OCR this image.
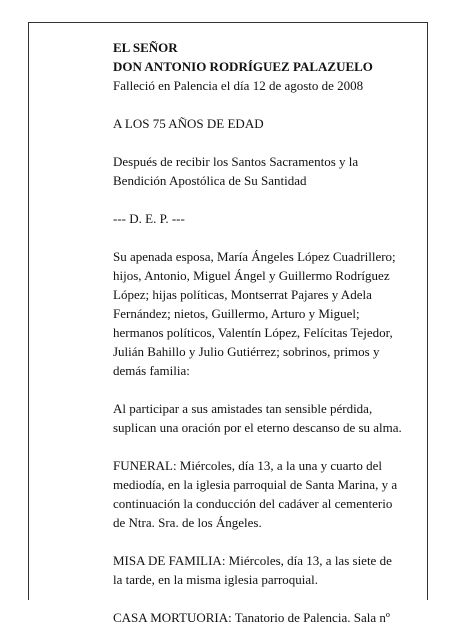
EL SEÑOR
DON ANTONIO RODRÍGUEZ PALAZUELO
Falleció en Palencia el día 12 de agosto de 2008
A LOS 75 AÑOS DE EDAD
Después de recibir los Santos Sacramentos y la
Bendición Apostólica de Su Santidad
--- D. E. P. ---
Su apenada esposa, María Ángeles López Cuadrillero;
hijos, Antonio, Miguel Ángel y Guillermo Rodríguez
López; hijas políticas, Montserrat Pajares y Adela
Fernández; nietos, Guillermo, Arturo y Miguel;
hermanos políticos, Valentín López, Felícitas Tejedor,
Julián Bahillo y Julio Gutiérrez; sobrinos, primos y
demás familia:
Al participar a sus amistades tan sensible pérdida,
suplican una oración por el eterno descanso de su alma.
FUNERAL: Miércoles, día 13, a la una y cuarto del
mediodía, en la iglesia parroquial de Santa Marina, y a
continuación la conducción del cadáver al cementerio
de Ntra. Sra. de los Ángeles.
MISA DE FAMILIA: Miércoles, día 13, a las siete de
la tarde, en la misma iglesia parroquial.
CASA MORTUORIA: Tanatorio de Palencia. Sala nº
